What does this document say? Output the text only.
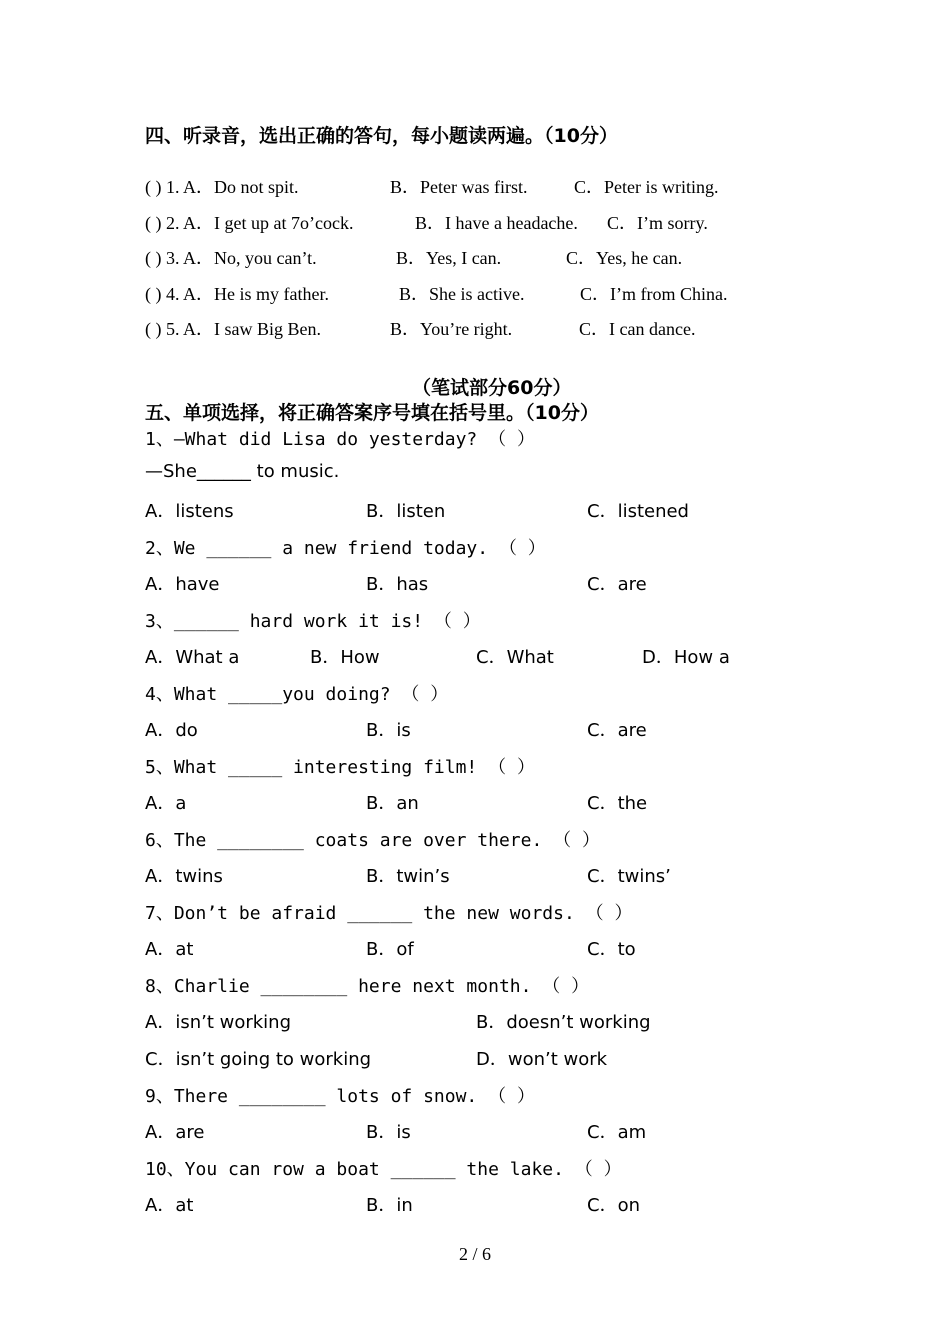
四、听录音，选出正确的答句，每小题读两遍。（10分）
( ) 1. A．Do not spit.	B．Peter was first.	C．Peter is writing.
( ) 2. A．I get up at 7o’cock.	B．I have a headache. C．I’m sorry.
( ) 3. A．No, you can’t.	B．Yes, I can.	C．Yes, he can.
( ) 4. A．He is my father.	B．She is active.	C．I’m from China.
( ) 5. A．I saw Big Ben.	B．You’re right.	C．I can dance.
（笔试部分60分）
五、单项选择，将正确答案序号填在括号里。（10分）
1、—What did Lisa do yesterday? （ ）
—She______ to music.
A．listens	B．listen	C．listened
2、We ______ a new friend today. （ ）
A．have	B．has	C．are
3、______ hard work it is! （ ）
A．What a	B．How	C．What	D．How a
4、What _____you doing? （ ）
A．do	B．is	C．are
5、What _____ interesting film! （ ）
A．a	B．an	C．the
6、The ________ coats are over there. （ ）
A．twins	B．twin’s	C．twins’
7、Don’t be afraid ______ the new words. （ ）
A．at	B．of	C．to
8、Charlie ________ here next month. （ ）
A．isn’t working	B．doesn’t working
C．isn’t going to working	D．won’t work
9、There ________ lots of snow. （ ）
A．are	B．is	C．am
10、You can row a boat ______ the lake. （ ）
A．at	B．in	C．on
2 / 6
